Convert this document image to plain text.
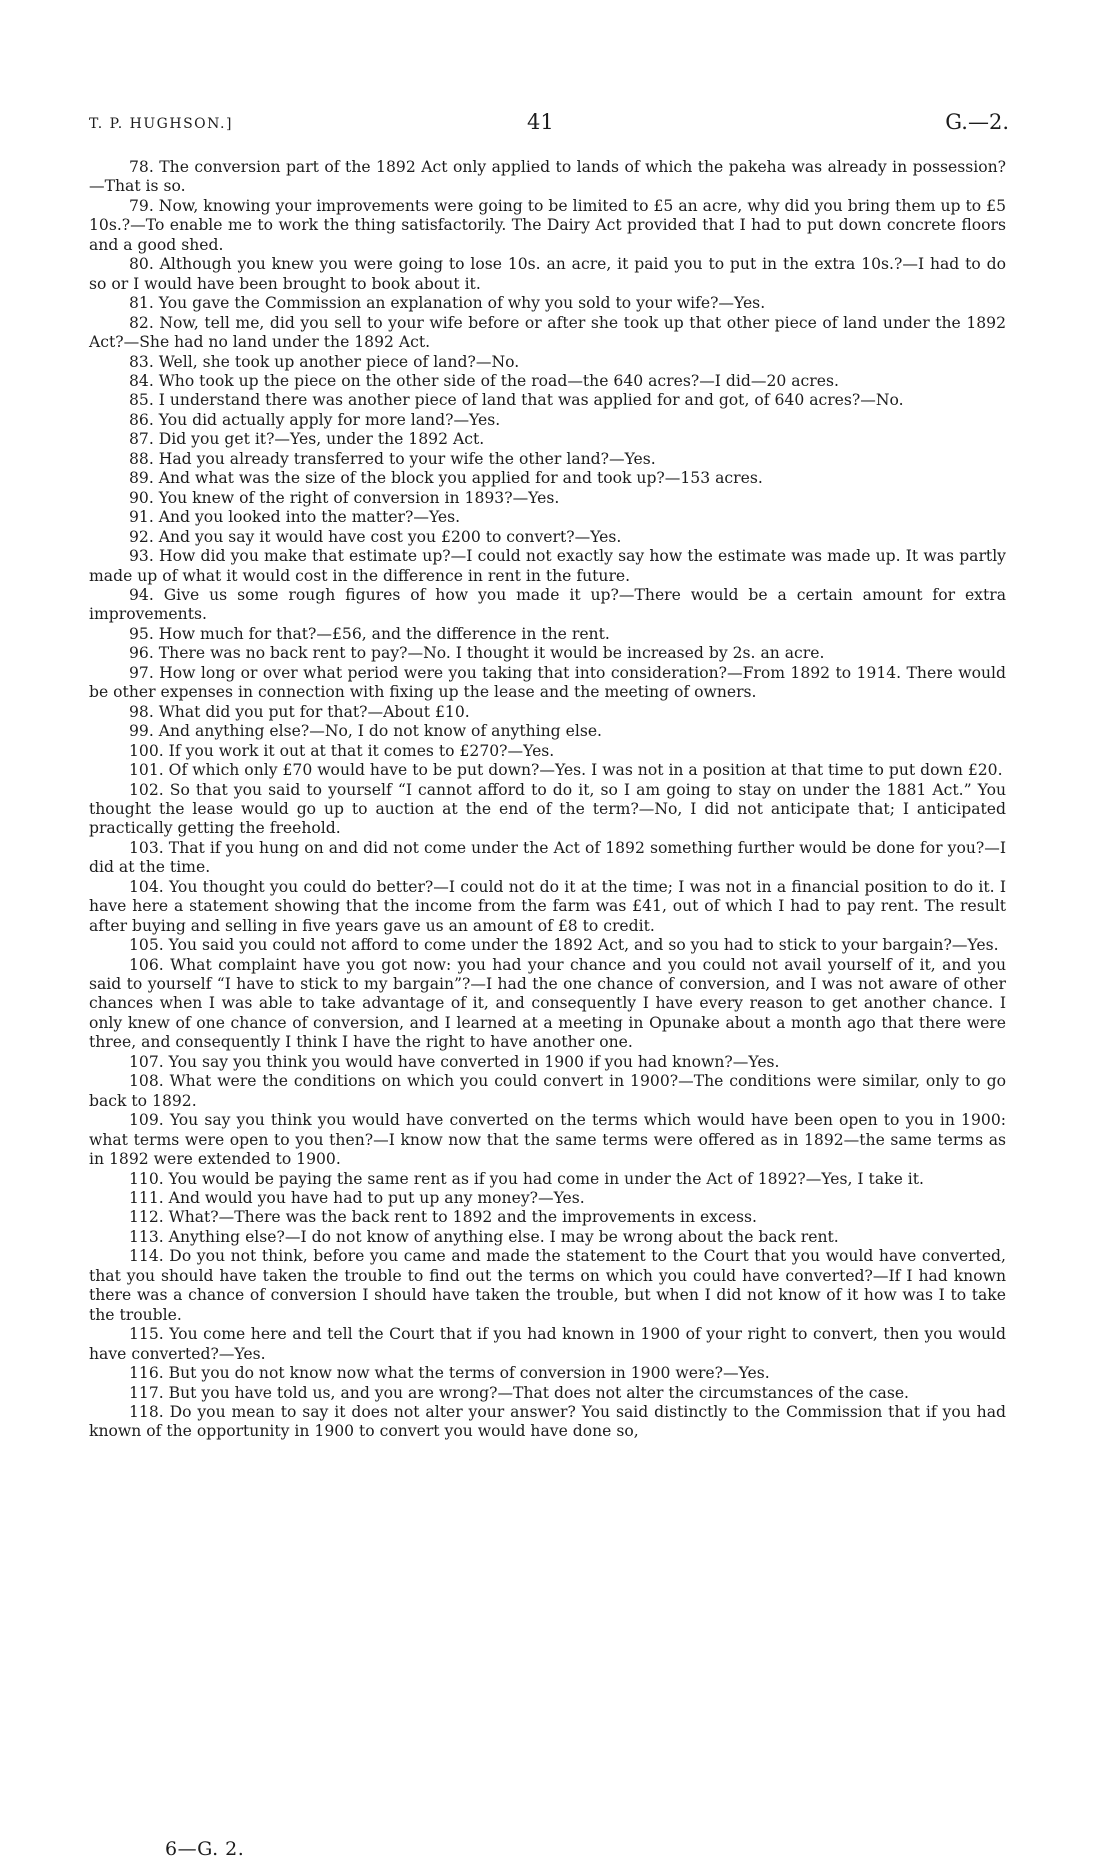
T. P. HUGHSON.]	41	G.—2.

78. The conversion part of the 1892 Act only applied to lands of which the pakeha was already in possession?—That is so.

79. Now, knowing your improvements were going to be limited to £5 an acre, why did you bring them up to £5 10s.?—To enable me to work the thing satisfactorily. The Dairy Act provided that I had to put down concrete floors and a good shed.

80. Although you knew you were going to lose 10s. an acre, it paid you to put in the extra 10s.?—I had to do so or I would have been brought to book about it.

81. You gave the Commission an explanation of why you sold to your wife?—Yes.

82. Now, tell me, did you sell to your wife before or after she took up that other piece of land under the 1892 Act?—She had no land under the 1892 Act.

83. Well, she took up another piece of land?—No.

84. Who took up the piece on the other side of the road—the 640 acres?—I did—20 acres.

85. I understand there was another piece of land that was applied for and got, of 640 acres?—No.

86. You did actually apply for more land?—Yes.

87. Did you get it?—Yes, under the 1892 Act.

88. Had you already transferred to your wife the other land?—Yes.

89. And what was the size of the block you applied for and took up?—153 acres.

90. You knew of the right of conversion in 1893?—Yes.

91. And you looked into the matter?—Yes.

92. And you say it would have cost you £200 to convert?—Yes.

93. How did you make that estimate up?—I could not exactly say how the estimate was made up. It was partly made up of what it would cost in the difference in rent in the future.

94. Give us some rough figures of how you made it up?—There would be a certain amount for extra improvements.

95. How much for that?—£56, and the difference in the rent.

96. There was no back rent to pay?—No. I thought it would be increased by 2s. an acre.

97. How long or over what period were you taking that into consideration?—From 1892 to 1914. There would be other expenses in connection with fixing up the lease and the meeting of owners.

98. What did you put for that?—About £10.

99. And anything else?—No, I do not know of anything else.

100. If you work it out at that it comes to £270?—Yes.

101. Of which only £70 would have to be put down?—Yes. I was not in a position at that time to put down £20.

102. So that you said to yourself “I cannot afford to do it, so I am going to stay on under the 1881 Act.” You thought the lease would go up to auction at the end of the term?—No, I did not anticipate that; I anticipated practically getting the freehold.

103. That if you hung on and did not come under the Act of 1892 something further would be done for you?—I did at the time.

104. You thought you could do better?—I could not do it at the time; I was not in a financial position to do it. I have here a statement showing that the income from the farm was £41, out of which I had to pay rent. The result after buying and selling in five years gave us an amount of £8 to credit.

105. You said you could not afford to come under the 1892 Act, and so you had to stick to your bargain?—Yes.

106. What complaint have you got now: you had your chance and you could not avail yourself of it, and you said to yourself “I have to stick to my bargain”?—I had the one chance of conversion, and I was not aware of other chances when I was able to take advantage of it, and consequently I have every reason to get another chance. I only knew of one chance of conversion, and I learned at a meeting in Opunake about a month ago that there were three, and consequently I think I have the right to have another one.

107. You say you think you would have converted in 1900 if you had known?—Yes.

108. What were the conditions on which you could convert in 1900?—The conditions were similar, only to go back to 1892.

109. You say you think you would have converted on the terms which would have been open to you in 1900: what terms were open to you then?—I know now that the same terms were offered as in 1892—the same terms as in 1892 were extended to 1900.

110. You would be paying the same rent as if you had come in under the Act of 1892?—Yes, I take it.

111. And would you have had to put up any money?—Yes.

112. What?—There was the back rent to 1892 and the improvements in excess.

113. Anything else?—I do not know of anything else. I may be wrong about the back rent.

114. Do you not think, before you came and made the statement to the Court that you would have converted, that you should have taken the trouble to find out the terms on which you could have converted?—If I had known there was a chance of conversion I should have taken the trouble, but when I did not know of it how was I to take the trouble.

115. You come here and tell the Court that if you had known in 1900 of your right to convert, then you would have converted?—Yes.

116. But you do not know now what the terms of conversion in 1900 were?—Yes.

117. But you have told us, and you are wrong?—That does not alter the circumstances of the case.

118. Do you mean to say it does not alter your answer? You said distinctly to the Commission that if you had known of the opportunity in 1900 to convert you would have done so,

6—G. 2.
